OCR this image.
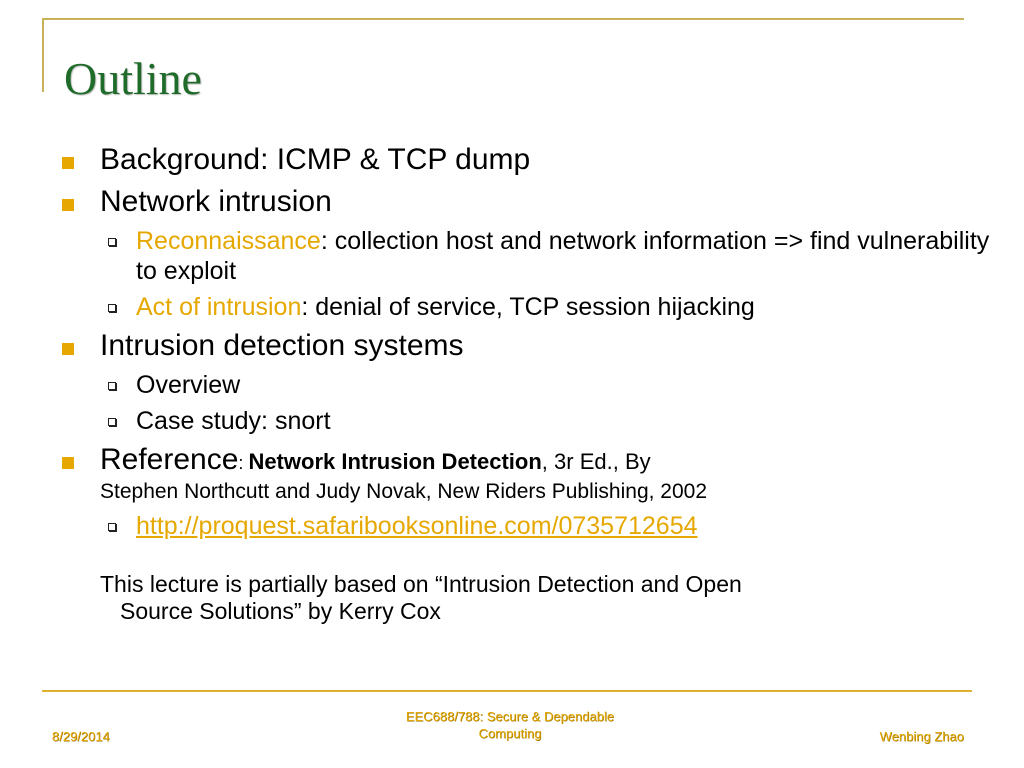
Outline
Background: ICMP & TCP dump
Network intrusion
Reconnaissance: collection host and network information => find vulnerability to exploit
Act of intrusion: denial of service, TCP session hijacking
Intrusion detection systems
Overview
Case study: snort
Reference: Network Intrusion Detection, 3r Ed., By
Stephen Northcutt and Judy Novak, New Riders Publishing, 2002
http://proquest.safaribooksonline.com/0735712654
This lecture is partially based on “Intrusion Detection and Open
Source Solutions” by Kerry Cox
8/29/2014
EEC688/788: Secure & Dependable
Computing	Wenbing Zhao
